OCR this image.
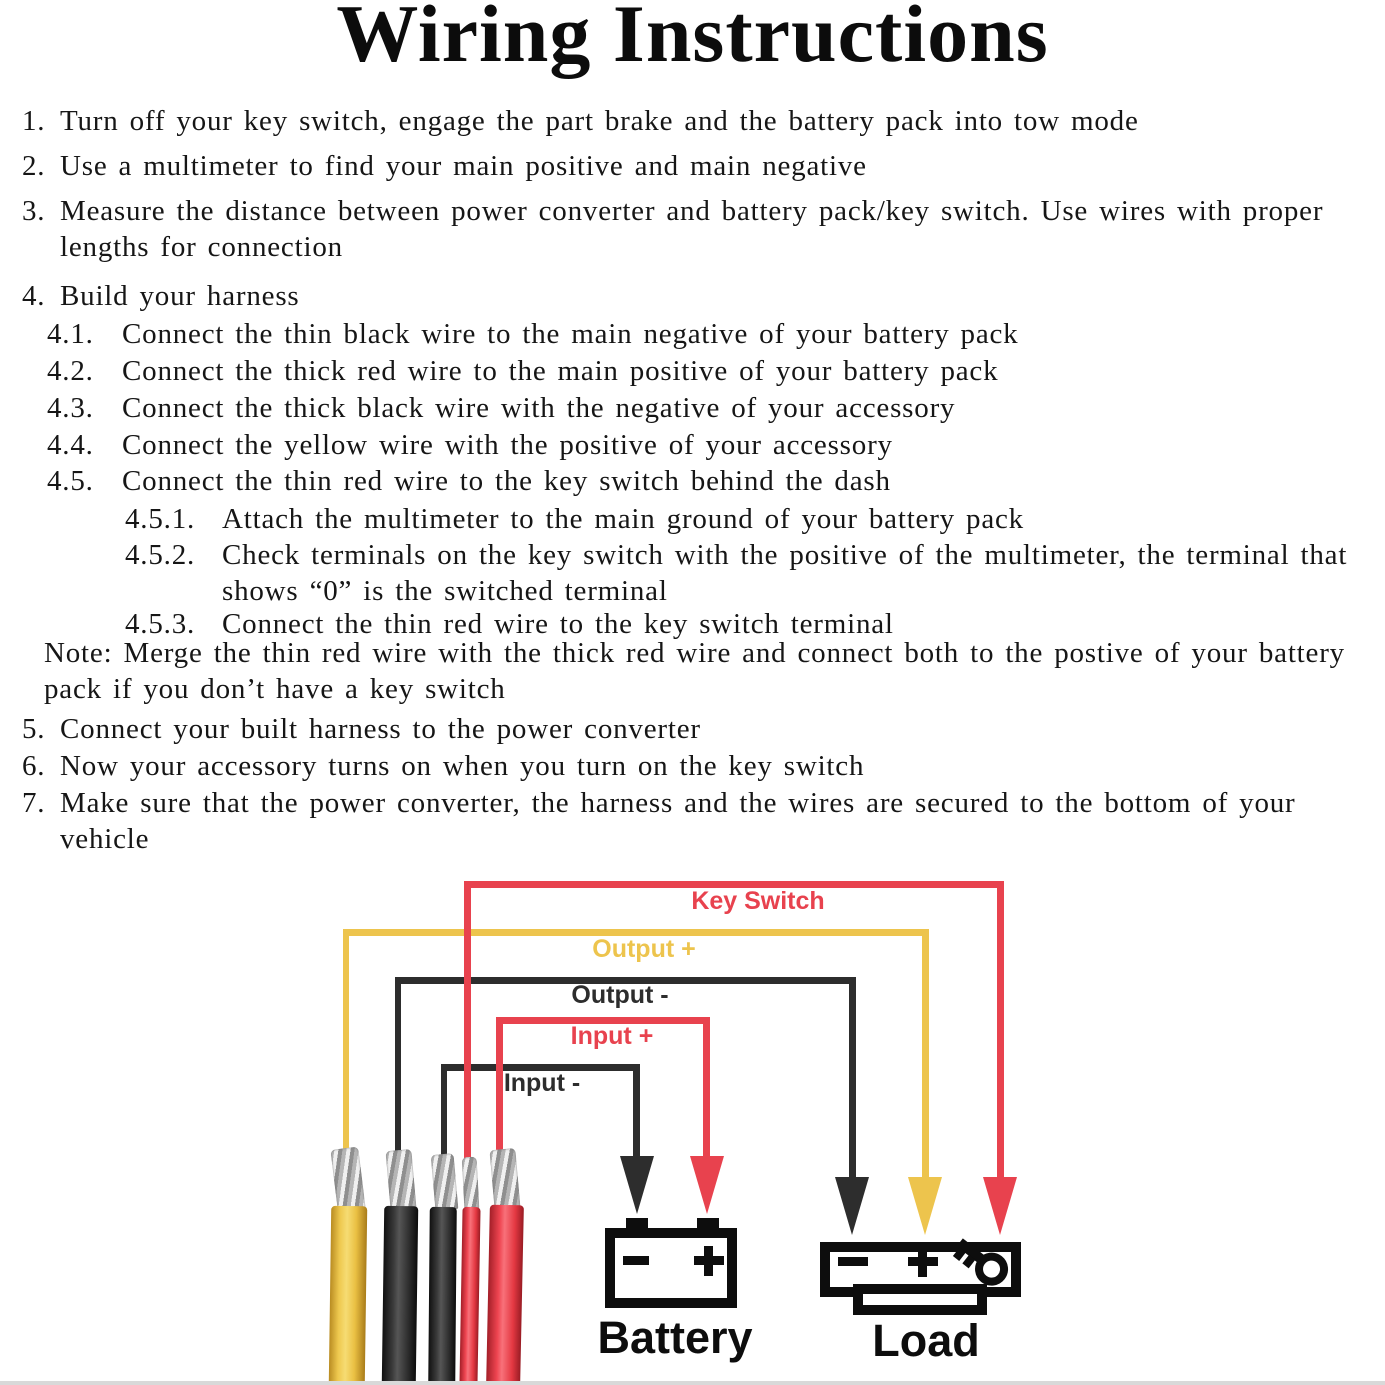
Wiring Instructions
1. Turn off your key switch, engage the part brake and the battery pack into tow mode
2. Use a multimeter to find your main positive and main negative
3. Measure the distance between power converter and battery pack/key switch. Use wires with proper lengths for connection
4. Build your harness
4.1. Connect the thin black wire to the main negative of your battery pack
4.2. Connect the thick red wire to the main positive of your battery pack
4.3. Connect the thick black wire with the negative of your accessory
4.4. Connect the yellow wire with the positive of your accessory
4.5. Connect the thin red wire to the key switch behind the dash
4.5.1. Attach the multimeter to the main ground of your battery pack
4.5.2. Check terminals on the key switch with the positive of the multimeter, the terminal that shows “0” is the switched terminal
4.5.3. Connect the thin red wire to the key switch terminal
Note: Merge the thin red wire with the thick red wire and connect both to the postive of your battery pack if you don’t have a key switch
5. Connect your built harness to the power converter
6. Now your accessory turns on when you turn on the key switch
7. Make sure that the power converter, the harness and the wires are secured to the bottom of your vehicle
Key Switch
Output +
Output -
Input +
Input -
Battery	Load
